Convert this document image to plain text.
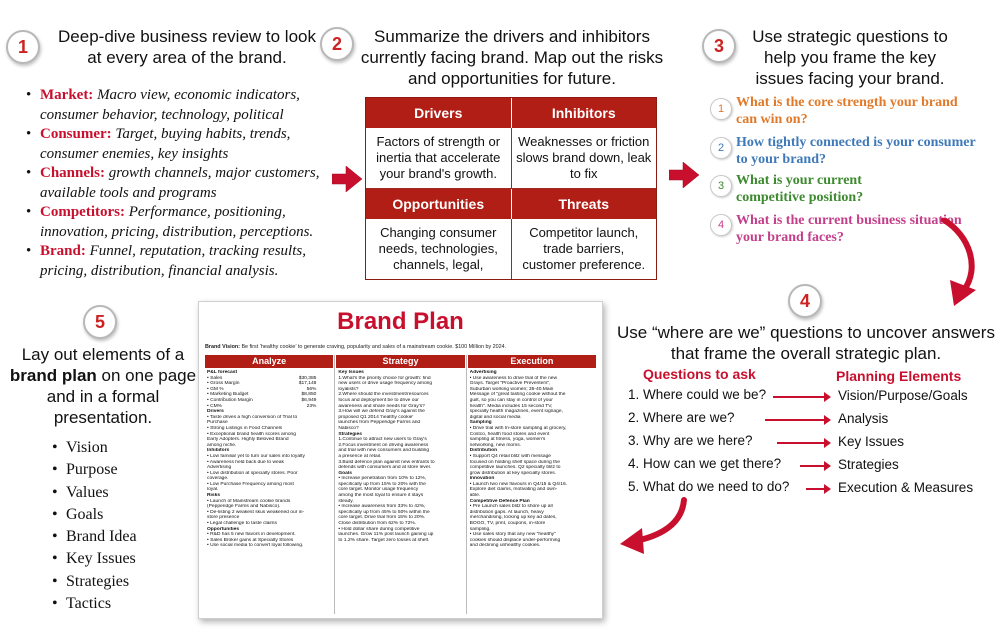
1	Deep-dive business review to look at every area of the brand.
• Market: Macro view, economic indicators, consumer behavior, technology, political
• Consumer: Target, buying habits, trends, consumer enemies, key insights
• Channels: growth channels, major customers, available tools and programs
• Competitors: Performance, positioning, innovation, pricing, distribution, perceptions.
• Brand: Funnel, reputation, tracking results, pricing, distribution, financial analysis.
2	Summarize the drivers and inhibitors currently facing brand. Map out the risks and opportunities for future.
Drivers	Inhibitors
Factors of strength or inertia that accelerate your brand's growth.
Weaknesses or friction slows brand down, leak to fix
Opportunities	Threats
Changing consumer needs, technologies, channels, legal,
Competitor launch, trade barriers, customer preference.
3	Use strategic questions to help you frame the key issues facing your brand.
1 What is the core strength your brand can win on?
2 How tightly connected is your consumer to your brand?
3 What is your current competitive position?
4 What is the current business situation your brand faces?
4
Use “where are we” questions to uncover answers that frame the overall strategic plan.
Questions to ask	Planning Elements
1. Where could we be?	Vision/Purpose/Goals
2. Where are we?	Analysis
3. Why are we here?	Key Issues
4. How can we get there?	Strategies
5. What do we need to do?	Execution & Measures
5
Lay out elements of a brand plan on one page and in a formal presentation.
• Vision
• Purpose
• Values
• Goals
• Brand Idea
• Key Issues
• Strategies
• Tactics
Brand Plan
Brand Vision: Be first ‘healthy cookie’ to generate craving, popularity and sales of a mainstream cookie. $100 Million by 2024.
Analyze
P&L forecast
• Sales	$30,385
• Gross Margin	$17,148
• GM %	56%
• Marketing Budget	$8,850
• Contribution Margin	$6,949
• CM%	23%
Drivers
• Taste drives a high conversion of Trial to
Purchase
• Strong Listings in Food Channels
• Exceptional brand health scores among
Early Adopters. Highly Beloved Brand
among niche.
Inhibitors
• Low familiar yet to turn our sales into loyalty
• Awareness held back due to weak
Advertising
• Low distribution at specialty stores. Poor
coverage.
• Low Purchase Frequency among most
loyal.
Risks
• Launch of Mainstream cookie brands
(Pepperidge Farms and Nabisco).
• De-listing 2 weakest skus weakened our in-
store presence
• Legal challenge to taste claims
Opportunities
• R&D has 5 new flavors in development.
• Sales Broker gains at Specialty Stores
• Use social media to convert loyal following.
Strategy
Key Issues
1.What's the priority choice for growth: find
new users or drive usage frequency among
loyalists?
2.Where should the investment/resources
focus and deployment be to drive our
awareness and share needs for Gray's?
3.How will we defend Gray's against the
proposed Q1 2014 'healthy cookie'
launches from Pepperidge Farms and
Nabisco?
Strategies
1.Continue to attract new users to Gray's
2.Focus investment on driving awareness
and trial with new consumers and building
a presence at retail.
3.Build defence plan against new entrants to
defends with consumers and at store level.
Goals
• Increase penetration from 10% to 12%,
specifically up from 15% to 20% with the
core target. Monitor usage frequency
among the most loyal to ensure it stays
steady.
• Increase awareness from 33% to 42%,
specifically up from 45% to 50% within the
core target. Drive trial from 15% to 20%.
Close distribution from 62% to 72%.
• Hold dollar share during competitive
launches. Grow 11% post launch gaining up
to 1.2% share. Target zero losses at shelf.
Execution
Advertising
• Use awareness to drive trial of the new
Grays. Target "Proactive Preventers",
Suburban working women; 35-40.Main
Message of "great tasting cookie without the
guilt, so you can stay in control of your
health". Media includes 15 second TV,
specialty health magazines, event signage,
digital and social media
Sampling
• Drive trial with In-store sampling at grocery,
Costco, health food stores and event
sampling at fitness, yoga, women's
networking, new moms.
Distribution
• Support Q4 retail blitz with message
focused on holding shelf space during the
competitive launches. Q2 specialty blitz to
grow distribution at key specialty stores.
Innovation
• Launch two new flavours in Q4/15 & Q4/16.
Explore diet claims, motivating and own-
able.
Competitive Defence Plan
• Pre Launch sales blitz to shore up all
distribution gaps. At launch, heavy
merchandising, locking up key ad dates,
BOGO, TV, print, coupons, in-store
sampling.
• Use sales story that any new "healthy"
cookies should displace under-performing
and declining unhealthy cookies.
